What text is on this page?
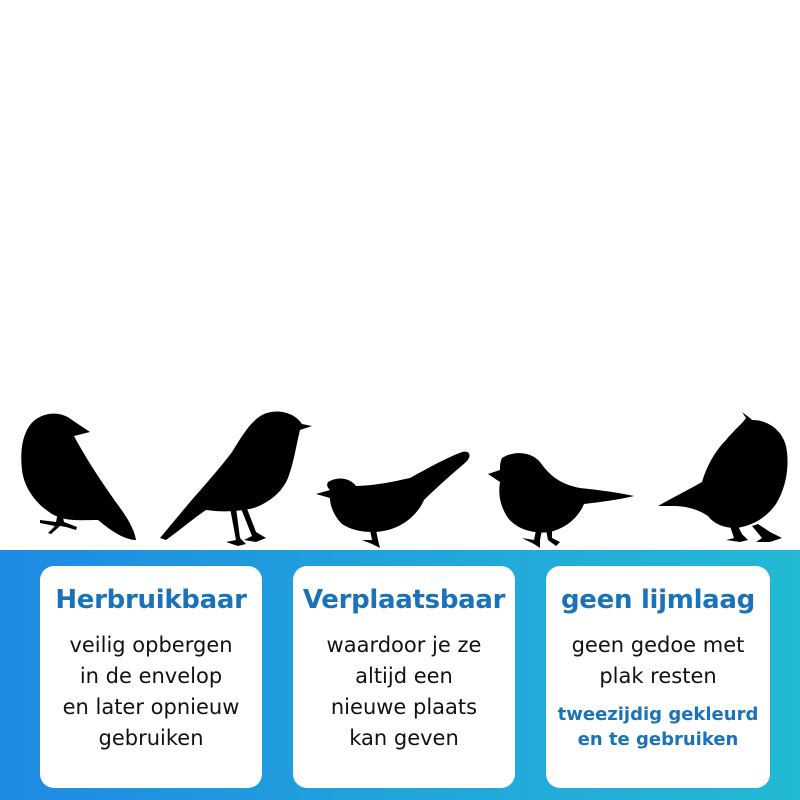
Herbruikbaar
veilig opbergen
in de envelop
en later opnieuw
gebruiken
Verplaatsbaar
waardoor je ze
altijd een
nieuwe plaats
kan geven
geen lijmlaag
geen gedoe met
plak resten
tweezijdig gekleurd
en te gebruiken
